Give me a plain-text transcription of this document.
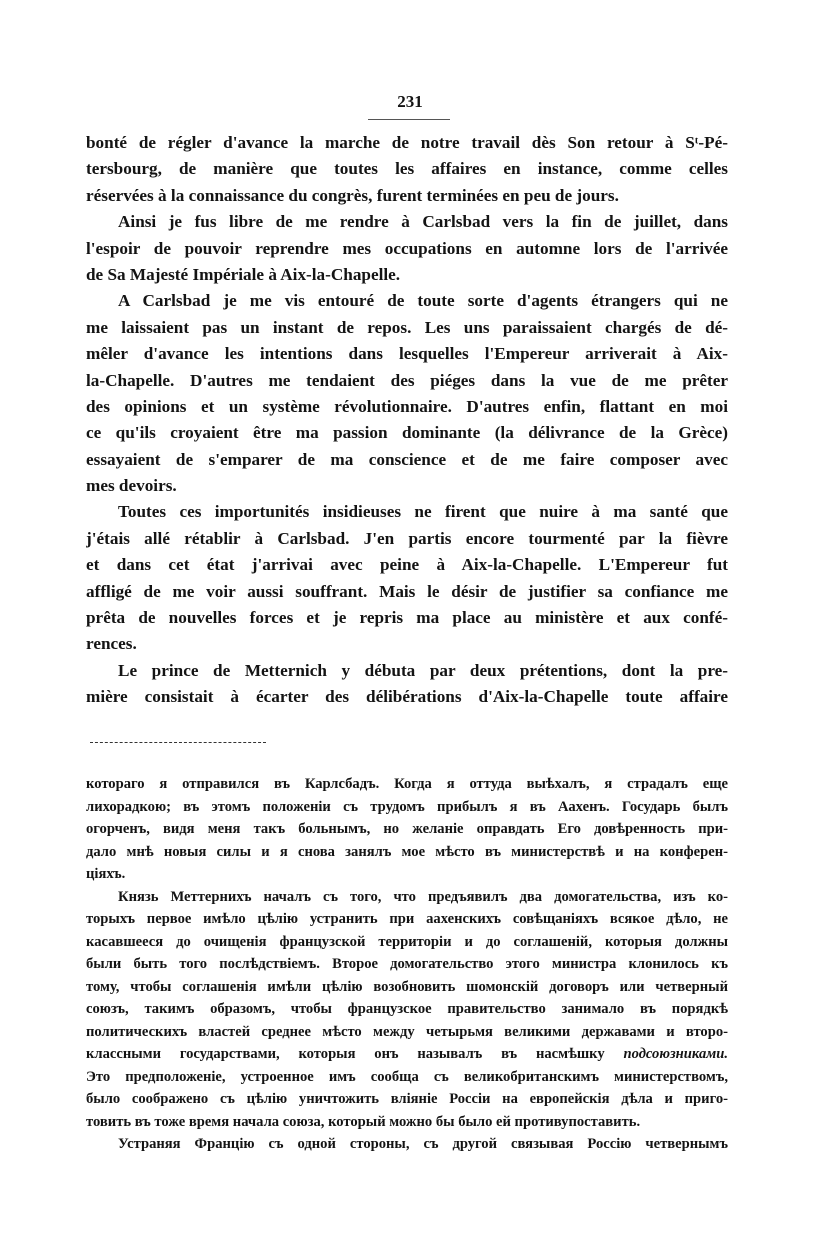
231
bonté de régler d'avance la marche de notre travail dès Son retour à Sᵗ-Pé-
tersbourg, de manière que toutes les affaires en instance, comme celles
réservées à la connaissance du congrès, furent terminées en peu de jours.
Ainsi je fus libre de me rendre à Carlsbad vers la fin de juillet, dans
l'espoir de pouvoir reprendre mes occupations en automne lors de l'arrivée
de Sa Majesté Impériale à Aix-la-Chapelle.
A Carlsbad je me vis entouré de toute sorte d'agents étrangers qui ne
me laissaient pas un instant de repos. Les uns paraissaient chargés de dé-
mêler d'avance les intentions dans lesquelles l'Empereur arriverait à Aix-
la-Chapelle. D'autres me tendaient des piéges dans la vue de me prêter
des opinions et un système révolutionnaire. D'autres enfin, flattant en moi
ce qu'ils croyaient être ma passion dominante (la délivrance de la Grèce)
essayaient de s'emparer de ma conscience et de me faire composer avec
mes devoirs.
Toutes ces importunités insidieuses ne firent que nuire à ma santé que
j'étais allé rétablir à Carlsbad. J'en partis encore tourmenté par la fièvre
et dans cet état j'arrivai avec peine à Aix-la-Chapelle. L'Empereur fut
affligé de me voir aussi souffrant. Mais le désir de justifier sa confiance me
prêta de nouvelles forces et je repris ma place au ministère et aux confé-
rences.
Le prince de Metternich y débuta par deux prétentions, dont la pre-
mière consistait à écarter des délibérations d'Aix-la-Chapelle toute affaire
котораго я отправился въ Карлсбадъ. Когда я оттуда выѣхалъ, я страдалъ еще
лихорадкою; въ этомъ положеніи съ трудомъ прибылъ я въ Аахенъ. Государь былъ
огорченъ, видя меня такъ больнымъ, но желаніе оправдать Его довѣренность при-
дало мнѣ новыя силы и я снова занялъ мое мѣсто въ министерствѣ и на конферен-
ціяхъ.
Князь Меттернихъ началъ съ того, что предъявилъ два домогательства, изъ ко-
торыхъ первое имѣло цѣлію устранить при аахенскихъ совѣщаніяхъ всякое дѣло, не
касавшееся до очищенія французской территоріи и до соглашеній, которыя должны
были быть того послѣдствіемъ. Второе домогательство этого министра клонилось къ
тому, чтобы соглашенія имѣли цѣлію возобновить шомонскій договоръ или четверный
союзъ, такимъ образомъ, чтобы французское правительство занимало въ порядкѣ
политическихъ властей среднее мѣсто между четырьмя великими державами и второ-
классными государствами, которыя онъ называлъ въ насмѣшку подсоюзниками.
Это предположеніе, устроенное имъ сообща съ великобританскимъ министерствомъ,
было соображено съ цѣлію уничтожить вліяніе Россіи на европейскія дѣла и приго-
товить въ тоже время начала союза, который можно бы было ей противупоставить.
Устраняя Францію съ одной стороны, съ другой связывая Россію четвернымъ
